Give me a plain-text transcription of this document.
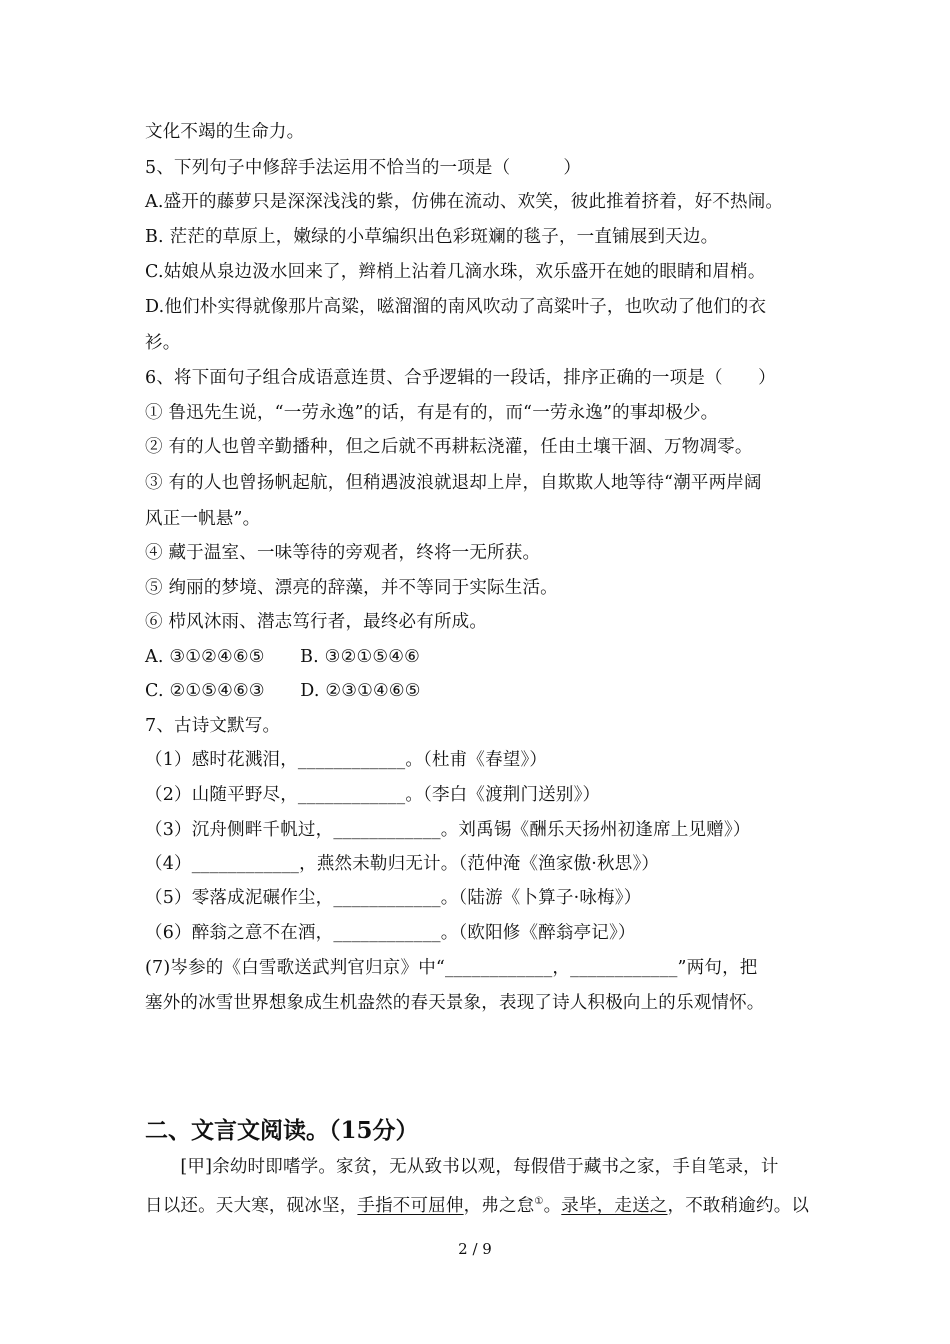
文化不竭的生命力。
5、下列句子中修辞手法运用不恰当的一项是（　　　）
A.盛开的藤萝只是深深浅浅的紫，仿佛在流动、欢笑，彼此推着挤着，好不热闹。
B. 茫茫的草原上，嫩绿的小草编织出色彩斑斓的毯子，一直铺展到天边。
C.姑娘从泉边汲水回来了，辫梢上沾着几滴水珠，欢乐盛开在她的眼睛和眉梢。
D.他们朴实得就像那片高粱，嗞溜溜的南风吹动了高粱叶子，也吹动了他们的衣
衫。
6、将下面句子组合成语意连贯、合乎逻辑的一段话，排序正确的一项是（　　）
① 鲁迅先生说，“一劳永逸”的话，有是有的，而“一劳永逸”的事却极少。
② 有的人也曾辛勤播种，但之后就不再耕耘浇灌，任由土壤干涸、万物凋零。
③ 有的人也曾扬帆起航，但稍遇波浪就退却上岸，自欺欺人地等待“潮平两岸阔
风正一帆悬”。
④ 藏于温室、一味等待的旁观者，终将一无所获。
⑤ 绚丽的梦境、漂亮的辞藻，并不等同于实际生活。
⑥ 栉风沐雨、潜志笃行者，最终必有所成。
A. ③①②④⑥⑤　　B. ③②①⑤④⑥
C. ②①⑤④⑥③　　D. ②③①④⑥⑤
7、古诗文默写。
（1）感时花溅泪，____________。（杜甫《春望》）
（2）山随平野尽，____________。（李白《渡荆门送别》）
（3）沉舟侧畔千帆过，____________。刘禹锡《酬乐天扬州初逢席上见赠》）
（4）____________，燕然未勒归无计。（范仲淹《渔家傲·秋思》）
（5）零落成泥碾作尘，____________。（陆游《卜算子·咏梅》）
（6）醉翁之意不在酒，____________。（欧阳修《醉翁亭记》）
(7)岑参的《白雪歌送武判官归京》中“____________，____________”两句，把
塞外的冰雪世界想象成生机盎然的春天景象，表现了诗人积极向上的乐观情怀。
二、文言文阅读。（15分）
　　[甲]余幼时即嗜学。家贫，无从致书以观，每假借于藏书之家，手自笔录，计
日以还。天大寒，砚冰坚，手指不可屈伸，弗之怠①。录毕，走送之，不敢稍逾约。以
2 / 9
